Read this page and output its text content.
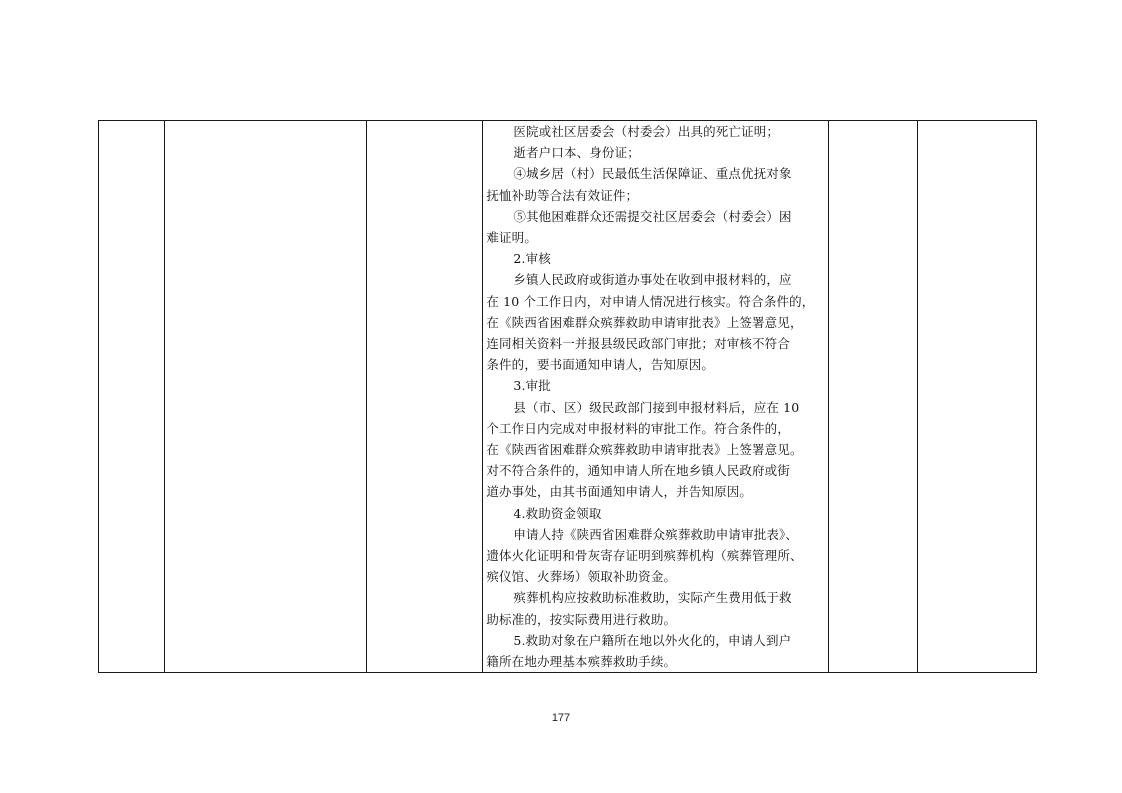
医院或社区居委会（村委会）出具的死亡证明；

逝者户口本、身份证；

④城乡居（村）民最低生活保障证、重点优抚对象

抚恤补助等合法有效证件；

⑤其他困难群众还需提交社区居委会（村委会）困

难证明。

2.审核

乡镇人民政府或街道办事处在收到申报材料的，应

在 10 个工作日内，对申请人情况进行核实。符合条件的，

在《陕西省困难群众殡葬救助申请审批表》上签署意见，

连同相关资料一并报县级民政部门审批；对审核不符合

条件的，要书面通知申请人，告知原因。

3.审批

县（市、区）级民政部门接到申报材料后，应在 10

个工作日内完成对申报材料的审批工作。符合条件的，

在《陕西省困难群众殡葬救助申请审批表》上签署意见。

对不符合条件的，通知申请人所在地乡镇人民政府或街

道办事处，由其书面通知申请人，并告知原因。

4.救助资金领取

申请人持《陕西省困难群众殡葬救助申请审批表》、

遗体火化证明和骨灰寄存证明到殡葬机构（殡葬管理所、

殡仪馆、火葬场）领取补助资金。

殡葬机构应按救助标准救助，实际产生费用低于救

助标准的，按实际费用进行救助。

5.救助对象在户籍所在地以外火化的，申请人到户

籍所在地办理基本殡葬救助手续。

177
